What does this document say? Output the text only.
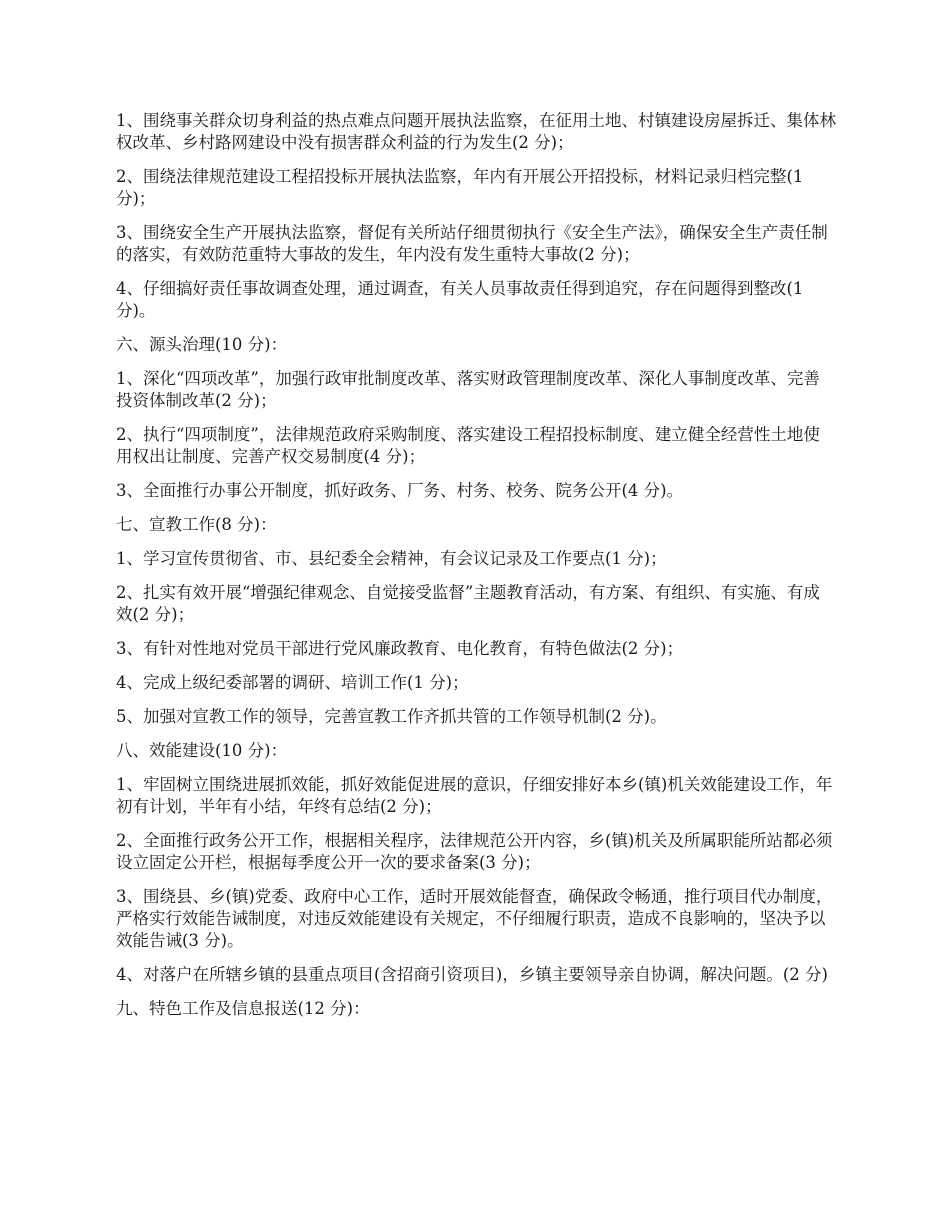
1、围绕事关群众切身利益的热点难点问题开展执法监察，在征用土地、村镇建设房屋拆迁、集体林权改革、乡村路网建设中没有损害群众利益的行为发生(2 分)；

2、围绕法律规范建设工程招投标开展执法监察，年内有开展公开招投标，材料记录归档完整(1 分)；

3、围绕安全生产开展执法监察，督促有关所站仔细贯彻执行《安全生产法》，确保安全生产责任制的落实，有效防范重特大事故的发生，年内没有发生重特大事故(2 分)；

4、仔细搞好责任事故调查处理，通过调查，有关人员事故责任得到追究，存在问题得到整改(1 分)。

六、源头治理(10 分)：

1、深化“四项改革”，加强行政审批制度改革、落实财政管理制度改革、深化人事制度改革、完善投资体制改革(2 分)；

2、执行“四项制度”，法律规范政府采购制度、落实建设工程招投标制度、建立健全经营性土地使用权出让制度、完善产权交易制度(4 分)；

3、全面推行办事公开制度，抓好政务、厂务、村务、校务、院务公开(4 分)。

七、宣教工作(8 分)：

1、学习宣传贯彻省、市、县纪委全会精神，有会议记录及工作要点(1 分)；

2、扎实有效开展“增强纪律观念、自觉接受监督”主题教育活动，有方案、有组织、有实施、有成效(2 分)；

3、有针对性地对党员干部进行党风廉政教育、电化教育，有特色做法(2 分)；

4、完成上级纪委部署的调研、培训工作(1 分)；

5、加强对宣教工作的领导，完善宣教工作齐抓共管的工作领导机制(2 分)。

八、效能建设(10 分)：

1、牢固树立围绕进展抓效能，抓好效能促进展的意识，仔细安排好本乡(镇)机关效能建设工作，年初有计划，半年有小结，年终有总结(2 分)；

2、全面推行政务公开工作，根据相关程序，法律规范公开内容，乡(镇)机关及所属职能所站都必须设立固定公开栏，根据每季度公开一次的要求备案(3 分)；

3、围绕县、乡(镇)党委、政府中心工作，适时开展效能督查，确保政令畅通，推行项目代办制度，严格实行效能告诫制度，对违反效能建设有关规定，不仔细履行职责，造成不良影响的，坚决予以效能告诫(3 分)。

4、对落户在所辖乡镇的县重点项目(含招商引资项目)，乡镇主要领导亲自协调，解决问题。(2 分)

九、特色工作及信息报送(12 分)：
